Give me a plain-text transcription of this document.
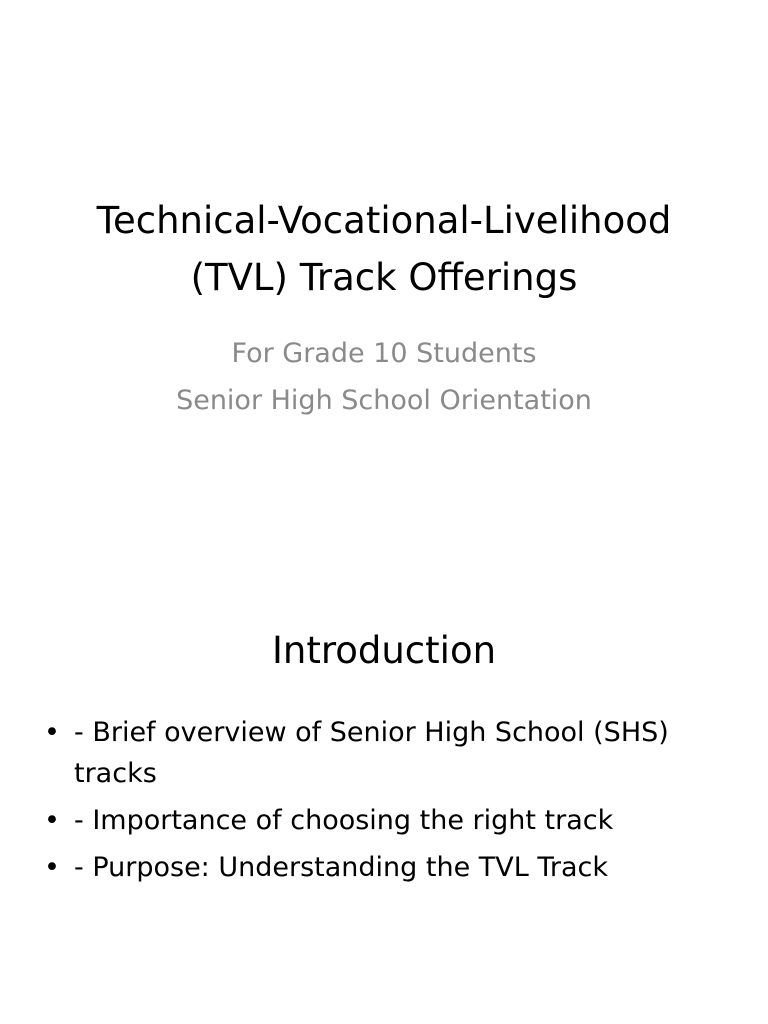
Technical-Vocational-Livelihood
(TVL) Track Offerings
For Grade 10 Students
Senior High School Orientation
Introduction
• - Brief overview of Senior High School (SHS) tracks
• - Importance of choosing the right track
• - Purpose: Understanding the TVL Track
